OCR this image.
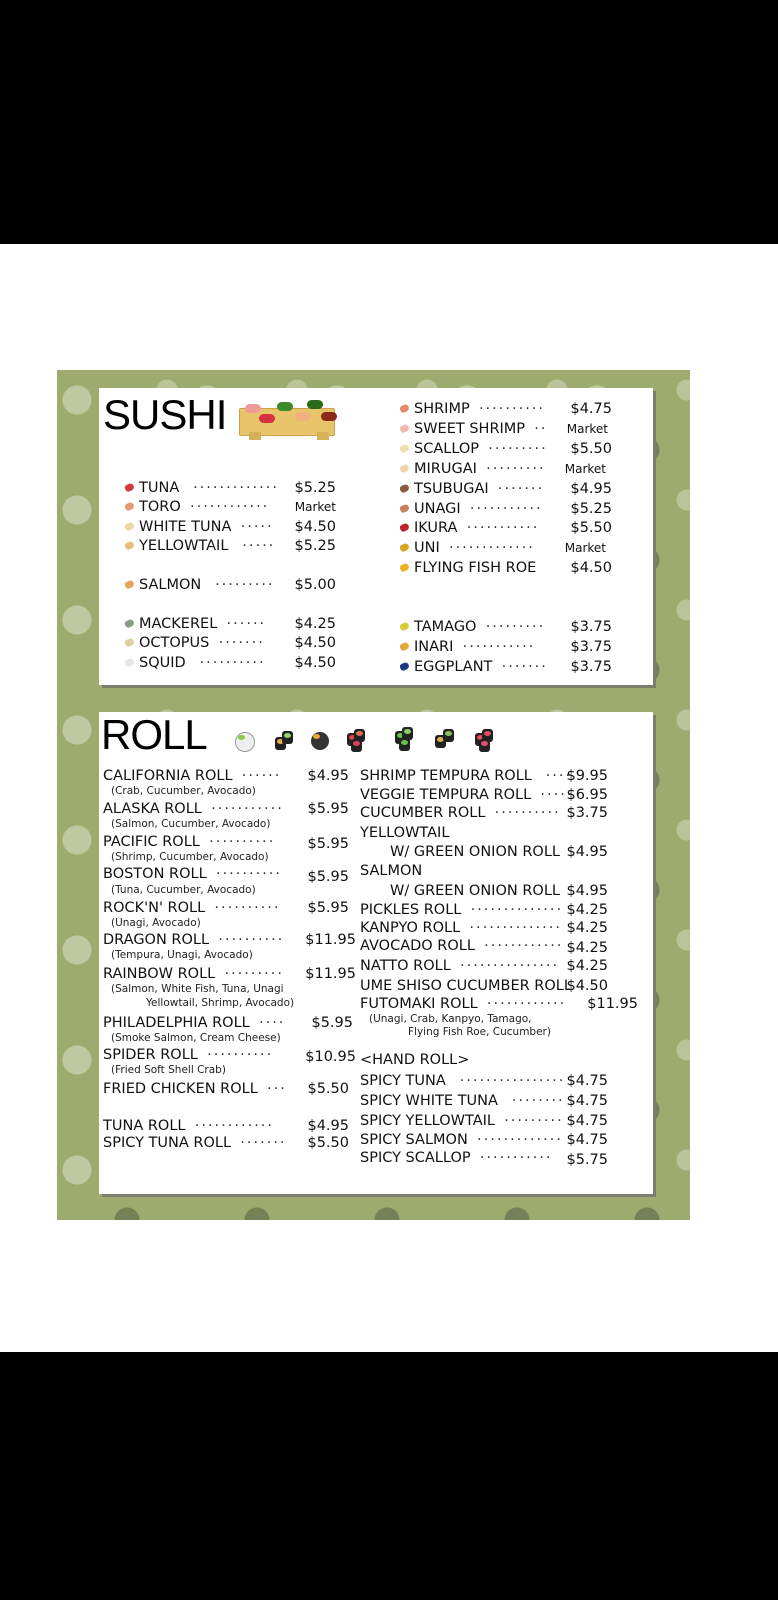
SUSHI
TUNA ············· $5.25
TORO ············ Market
WHITE TUNA ····· $4.50
YELLOWTAIL ····· $5.25
SALMON ········· $5.00
MACKEREL ······ $4.25
OCTOPUS ······· $4.50
SQUID ·········· $4.50
SHRIMP ·········· $4.75
SWEET SHRIMP ·· Market
SCALLOP ········· $5.50
MIRUGAI ········· Market
TSUBUGAI ······· $4.95
UNAGI ··········· $5.25
IKURA ··········· $5.50
UNI ············· Market
FLYING FISH ROE $4.50
TAMAGO ········· $3.75
INARI ··········· $3.75
EGGPLANT ······· $3.75
ROLL
CALIFORNIA ROLL ······ $4.95
(Crab, Cucumber, Avocado)
ALASKA ROLL ··········· $5.95
(Salmon, Cucumber, Avocado)
PACIFIC ROLL ·········· $5.95
(Shrimp, Cucumber, Avocado)
BOSTON ROLL ·········· $5.95
(Tuna, Cucumber, Avocado)
ROCK'N' ROLL ·········· $5.95
(Unagi, Avocado)
DRAGON ROLL ·········· $11.95
(Tempura, Unagi, Avocado)
RAINBOW ROLL ········· $11.95
(Salmon, White Fish, Tuna, Unagi
Yellowtail, Shrimp, Avocado)
PHILADELPHIA ROLL ···· $5.95
(Smoke Salmon, Cream Cheese)
SPIDER ROLL ·········· $10.95
(Fried Soft Shell Crab)
FRIED CHICKEN ROLL ··· $5.50
TUNA ROLL ············ $4.95
SPICY TUNA ROLL ······· $5.50
SHRIMP TEMPURA ROLL ····
$9.95
VEGGIE TEMPURA ROLL ·····
$6.95
CUCUMBER ROLL ·········· $3.75
YELLOWTAIL
W/ GREEN ONION ROLL $4.95
SALMON
W/ GREEN ONION ROLL $4.95
PICKLES ROLL ·············· $4.25
KANPYO ROLL ·············· $4.25
AVOCADO ROLL ············ $4.25
NATTO ROLL ··············· $4.25
UME SHISO CUCUMBER ROLL
$4.50
FUTOMAKI ROLL ············ $11.95
(Unagi, Crab, Kanpyo, Tamago,
Flying Fish Roe, Cucumber)
<HAND ROLL>
SPICY TUNA ················ $4.75
SPICY WHITE TUNA ········ $4.75
SPICY YELLOWTAIL ········· $4.75
SPICY SALMON ············· $4.75
SPICY SCALLOP ··········· $5.75
